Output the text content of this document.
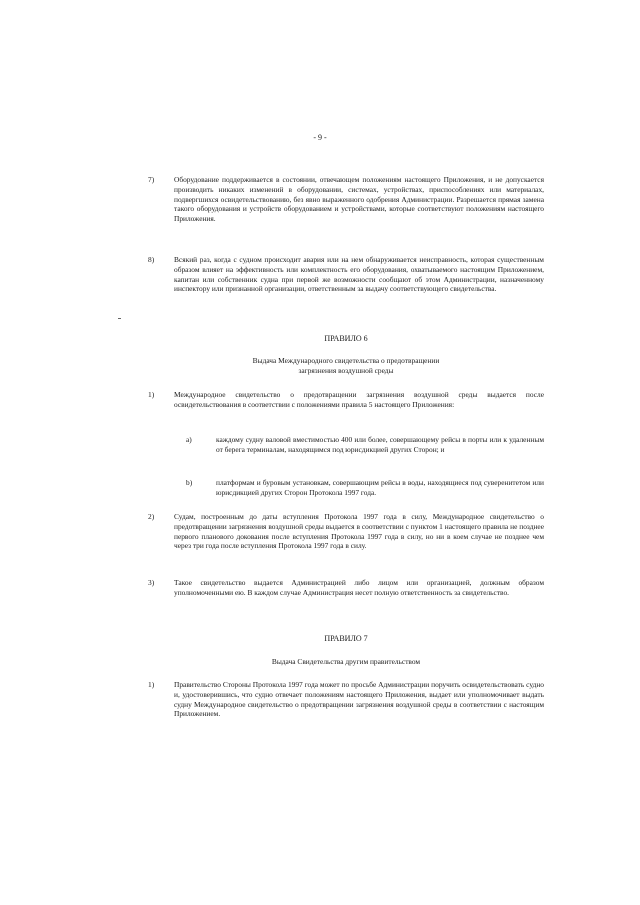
- 9 -
7)	Оборудование поддерживается в состоянии, отвечающем положениям настоящего Приложения, и не допускается производить никаких изменений в оборудовании, системах, устройствах, приспособлениях или материалах, подвергшихся освидетельствованию, без явно выраженного одобрения Администрации. Разрешается прямая замена такого оборудования и устройств оборудованием и устройствами, которые соответствуют положениям настоящего Приложения.
8)	Всякий раз, когда с судном происходит авария или на нем обнаруживается неисправность, которая существенным образом влияет на эффективность или комплектность его оборудования, охватываемого настоящим Приложением, капитан или собственник судна при первой же возможности сообщают об этом Администрации, назначенному инспектору или признанной организации, ответственным за выдачу соответствующего свидетельства.
ПРАВИЛО 6
Выдача Международного свидетельства о предотвращении
загрязнения воздушной среды
1)	Международное свидетельство о предотвращении загрязнения воздушной среды выдается после освидетельствования в соответствии с положениями правила 5 настоящего Приложения:
a)	каждому судну валовой вместимостью 400 или более, совершающему рейсы в порты или к удаленным от берега терминалам, находящимся под юрисдикцией других Сторон; и
b)	платформам и буровым установкам, совершающим рейсы в воды, находящиеся под суверенитетом или юрисдикцией других Сторон Протокола 1997 года.
2)	Судам, построенным до даты вступления Протокола 1997 года в силу, Международное свидетельство о предотвращении загрязнения воздушной среды выдается в соответствии с пунктом 1 настоящего правила не позднее первого планового докования после вступления Протокола 1997 года в силу, но ни в коем случае не позднее чем через три года после вступления Протокола 1997 года в силу.
3)	Такое свидетельство выдается Администрацией либо лицом или организацией, должным образом уполномоченными ею. В каждом случае Администрация несет полную ответственность за свидетельство.
ПРАВИЛО 7
Выдача Свидетельства другим правительством
1)	Правительство Стороны Протокола 1997 года может по просьбе Администрации поручить освидетельствовать судно и, удостоверившись, что судно отвечает положениям настоящего Приложения, выдает или уполномочивает выдать судну Международное свидетельство о предотвращении загрязнения воздушной среды в соответствии с настоящим Приложением.
